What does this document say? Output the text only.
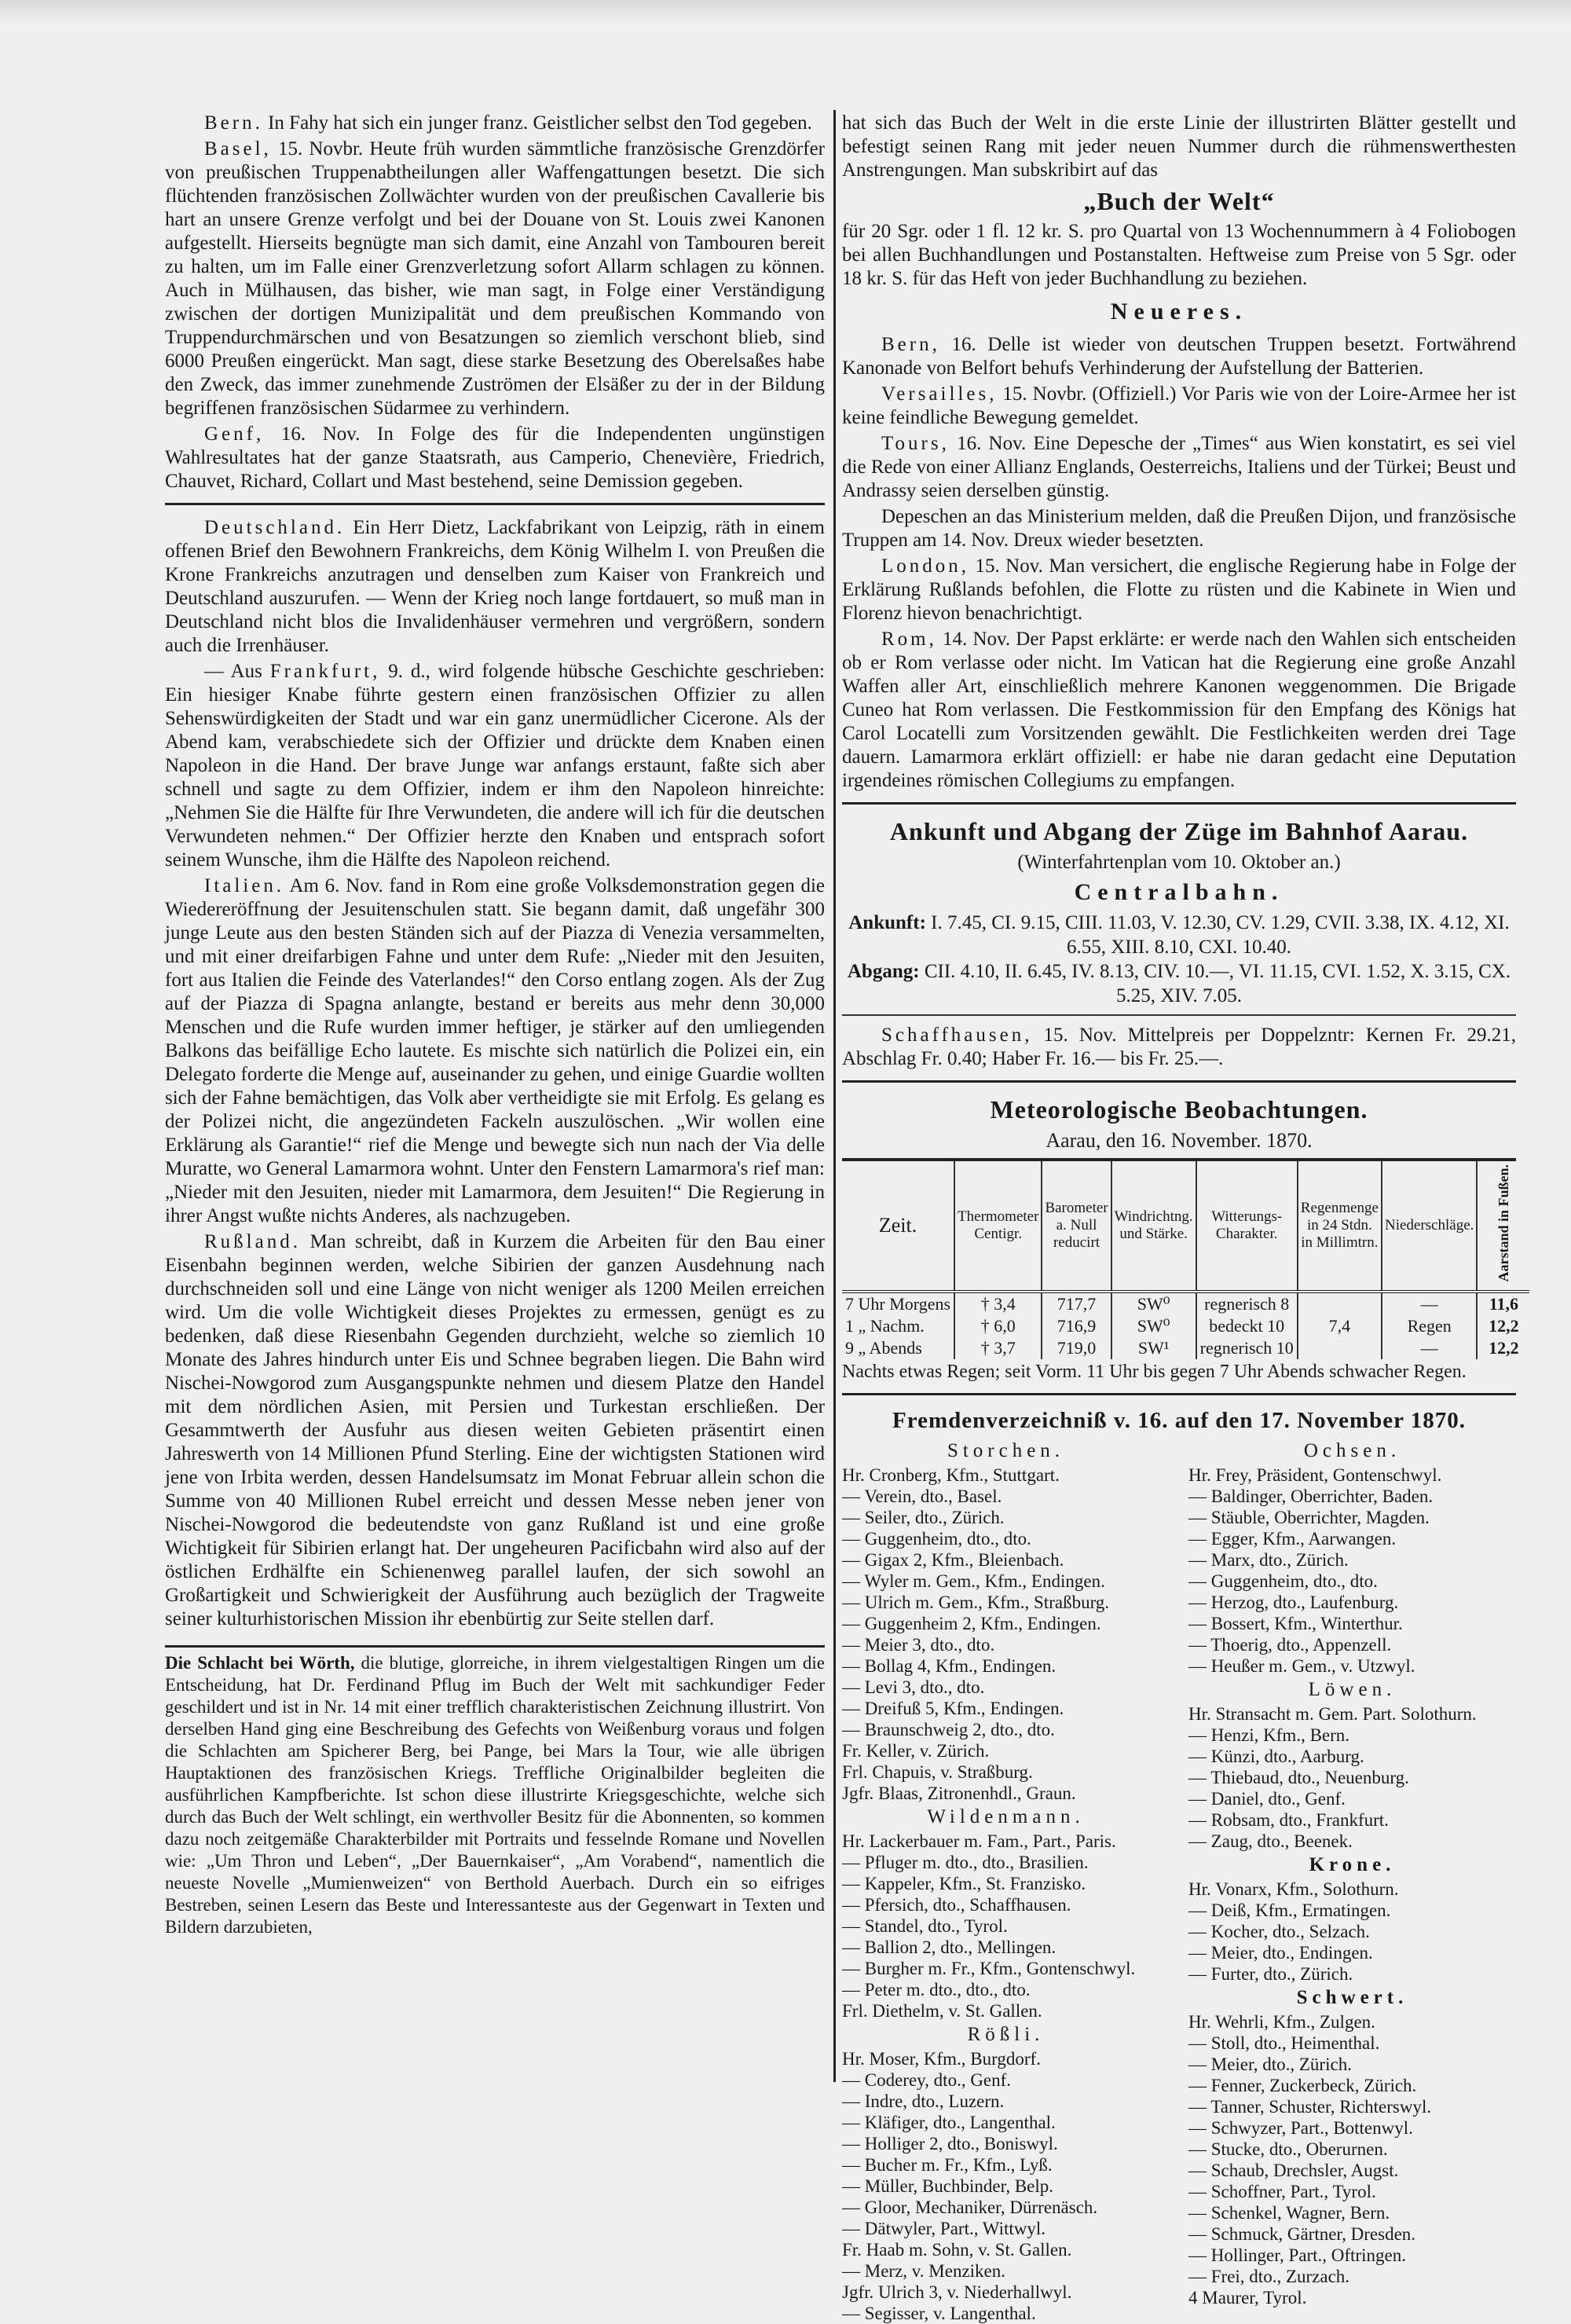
Bern. In Fahy hat sich ein junger franz. Geistlicher selbst den Tod gegeben.

Basel, 15. Novbr. Heute früh wurden sämmtliche französische Grenzdörfer von preußischen Truppenabtheilungen aller Waffengattungen besetzt. Die sich flüchtenden französischen Zollwächter wurden von der preußischen Cavallerie bis hart an unsere Grenze verfolgt und bei der Douane von St. Louis zwei Kanonen aufgestellt. Hierseits begnügte man sich damit, eine Anzahl von Tambouren bereit zu halten, um im Falle einer Grenzverletzung sofort Allarm schlagen zu können. Auch in Mülhausen, das bisher, wie man sagt, in Folge einer Verständigung zwischen der dortigen Munizipalität und dem preußischen Kommando von Truppendurchmärschen und von Besatzungen so ziemlich verschont blieb, sind 6000 Preußen eingerückt. Man sagt, diese starke Besetzung des Oberelsaßes habe den Zweck, das immer zunehmende Zuströmen der Elsäßer zu der in der Bildung begriffenen französischen Südarmee zu verhindern.

Genf, 16. Nov. In Folge des für die Independenten ungünstigen Wahlresultates hat der ganze Staatsrath, aus Camperio, Chenevière, Friedrich, Chauvet, Richard, Collart und Mast bestehend, seine Demission gegeben.

Deutschland. Ein Herr Dietz, Lackfabrikant von Leipzig, räth in einem offenen Brief den Bewohnern Frankreichs, dem König Wilhelm I. von Preußen die Krone Frankreichs anzutragen und denselben zum Kaiser von Frankreich und Deutschland auszurufen. — Wenn der Krieg noch lange fortdauert, so muß man in Deutschland nicht blos die Invalidenhäuser vermehren und vergrößern, sondern auch die Irrenhäuser.

— Aus Frankfurt, 9. d., wird folgende hübsche Geschichte geschrieben: Ein hiesiger Knabe führte gestern einen französischen Offizier zu allen Sehenswürdigkeiten der Stadt und war ein ganz unermüdlicher Cicerone. Als der Abend kam, verabschiedete sich der Offizier und drückte dem Knaben einen Napoleon in die Hand. Der brave Junge war anfangs erstaunt, faßte sich aber schnell und sagte zu dem Offizier, indem er ihm den Napoleon hinreichte: „Nehmen Sie die Hälfte für Ihre Verwundeten, die andere will ich für die deutschen Verwundeten nehmen.“ Der Offizier herzte den Knaben und entsprach sofort seinem Wunsche, ihm die Hälfte des Napoleon reichend.

Italien. Am 6. Nov. fand in Rom eine große Volksdemonstration gegen die Wiedereröffnung der Jesuitenschulen statt. Sie begann damit, daß ungefähr 300 junge Leute aus den besten Ständen sich auf der Piazza di Venezia versammelten, und mit einer dreifarbigen Fahne und unter dem Rufe: „Nieder mit den Jesuiten, fort aus Italien die Feinde des Vaterlandes!“ den Corso entlang zogen. Als der Zug auf der Piazza di Spagna anlangte, bestand er bereits aus mehr denn 30,000 Menschen und die Rufe wurden immer heftiger, je stärker auf den umliegenden Balkons das beifällige Echo lautete. Es mischte sich natürlich die Polizei ein, ein Delegato forderte die Menge auf, auseinander zu gehen, und einige Guardie wollten sich der Fahne bemächtigen, das Volk aber vertheidigte sie mit Erfolg. Es gelang es der Polizei nicht, die angezündeten Fackeln auszulöschen. „Wir wollen eine Erklärung als Garantie!“ rief die Menge und bewegte sich nun nach der Via delle Muratte, wo General Lamarmora wohnt. Unter den Fenstern Lamarmora's rief man: „Nieder mit den Jesuiten, nieder mit Lamarmora, dem Jesuiten!“ Die Regierung in ihrer Angst wußte nichts Anderes, als nachzugeben.

Rußland. Man schreibt, daß in Kurzem die Arbeiten für den Bau einer Eisenbahn beginnen werden, welche Sibirien der ganzen Ausdehnung nach durchschneiden soll und eine Länge von nicht weniger als 1200 Meilen erreichen wird. Um die volle Wichtigkeit dieses Projektes zu ermessen, genügt es zu bedenken, daß diese Riesenbahn Gegenden durchzieht, welche so ziemlich 10 Monate des Jahres hindurch unter Eis und Schnee begraben liegen. Die Bahn wird Nischei-Nowgorod zum Ausgangspunkte nehmen und diesem Platze den Handel mit dem nördlichen Asien, mit Persien und Turkestan erschließen. Der Gesammtwerth der Ausfuhr aus diesen weiten Gebieten präsentirt einen Jahreswerth von 14 Millionen Pfund Sterling. Eine der wichtigsten Stationen wird jene von Irbita werden, dessen Handelsumsatz im Monat Februar allein schon die Summe von 40 Millionen Rubel erreicht und dessen Messe neben jener von Nischei-Nowgorod die bedeutendste von ganz Rußland ist und eine große Wichtigkeit für Sibirien erlangt hat. Der ungeheuren Pacificbahn wird also auf der östlichen Erdhälfte ein Schienenweg parallel laufen, der sich sowohl an Großartigkeit und Schwierigkeit der Ausführung auch bezüglich der Tragweite seiner kulturhistorischen Mission ihr ebenbürtig zur Seite stellen darf.

Die Schlacht bei Wörth, die blutige, glorreiche, in ihrem vielgestaltigen Ringen um die Entscheidung, hat Dr. Ferdinand Pflug im Buch der Welt mit sachkundiger Feder geschildert und ist in Nr. 14 mit einer trefflich charakteristischen Zeichnung illustrirt. Von derselben Hand ging eine Beschreibung des Gefechts von Weißenburg voraus und folgen die Schlachten am Spicherer Berg, bei Pange, bei Mars la Tour, wie alle übrigen Hauptaktionen des französischen Kriegs. Treffliche Originalbilder begleiten die ausführlichen Kampfberichte. Ist schon diese illustrirte Kriegsgeschichte, welche sich durch das Buch der Welt schlingt, ein werthvoller Besitz für die Abonnenten, so kommen dazu noch zeitgemäße Charakterbilder mit Portraits und fesselnde Romane und Novellen wie: „Um Thron und Leben“, „Der Bauernkaiser“, „Am Vorabend“, namentlich die neueste Novelle „Mumienweizen“ von Berthold Auerbach. Durch ein so eifriges Bestreben, seinen Lesern das Beste und Interessanteste aus der Gegenwart in Texten und Bildern darzubieten,

hat sich das Buch der Welt in die erste Linie der illustrirten Blätter gestellt und befestigt seinen Rang mit jeder neuen Nummer durch die rühmenswerthesten Anstrengungen. Man subskribirt auf das

„Buch der Welt“

für 20 Sgr. oder 1 fl. 12 kr. S. pro Quartal von 13 Wochennummern à 4 Foliobogen bei allen Buchhandlungen und Postanstalten. Heftweise zum Preise von 5 Sgr. oder 18 kr. S. für das Heft von jeder Buchhandlung zu beziehen.

Neueres.

Bern, 16. Delle ist wieder von deutschen Truppen besetzt. Fortwährend Kanonade von Belfort behufs Verhinderung der Aufstellung der Batterien.

Versailles, 15. Novbr. (Offiziell.) Vor Paris wie von der Loire-Armee her ist keine feindliche Bewegung gemeldet.

Tours, 16. Nov. Eine Depesche der „Times“ aus Wien konstatirt, es sei viel die Rede von einer Allianz Englands, Oesterreichs, Italiens und der Türkei; Beust und Andrassy seien derselben günstig.

Depeschen an das Ministerium melden, daß die Preußen Dijon, und französische Truppen am 14. Nov. Dreux wieder besetzten.

London, 15. Nov. Man versichert, die englische Regierung habe in Folge der Erklärung Rußlands befohlen, die Flotte zu rüsten und die Kabinete in Wien und Florenz hievon benachrichtigt.

Rom, 14. Nov. Der Papst erklärte: er werde nach den Wahlen sich entscheiden ob er Rom verlasse oder nicht. Im Vatican hat die Regierung eine große Anzahl Waffen aller Art, einschließlich mehrere Kanonen weggenommen. Die Brigade Cuneo hat Rom verlassen. Die Festkommission für den Empfang des Königs hat Carol Locatelli zum Vorsitzenden gewählt. Die Festlichkeiten werden drei Tage dauern. Lamarmora erklärt offiziell: er habe nie daran gedacht eine Deputation irgendeines römischen Collegiums zu empfangen.

Ankunft und Abgang der Züge im Bahnhof Aarau.
(Winterfahrtenplan vom 10. Oktober an.)
Centralbahn.
Ankunft: I. 7.45, CI. 9.15, CIII. 11.03, V. 12.30, CV. 1.29, CVII. 3.38, IX. 4.12, XI. 6.55, XIII. 8.10, CXI. 10.40.
Abgang: CII. 4.10, II. 6.45, IV. 8.13, CIV. 10.—, VI. 11.15, CVI. 1.52, X. 3.15, CX. 5.25, XIV. 7.05.

Schaffhausen, 15. Nov. Mittelpreis per Doppelzntr: Kernen Fr. 29.21, Abschlag Fr. 0.40; Haber Fr. 16.— bis Fr. 25.—.

Meteorologische Beobachtungen.
Aarau, den 16. November. 1870.
Zeit.	Thermometer Centigr.	Barometer a. Null reducirt	Windrichtng. und Stärke.	Witterungs-Charakter.	Regenmenge in 24 Stdn. in Millimtrn.	Niederschläge.	Aarstand in Fußen.
7 Uhr Morgens	† 3,4	717,7	SW⁰	regnerisch 8	7,4	—	11,6
1 „ Nachm.	† 6,0	716,9	SW⁰	bedeckt 10		Regen	12,2
9 „ Abends	† 3,7	719,0	SW¹	regnerisch 10		—	12,2
Nachts etwas Regen; seit Vorm. 11 Uhr bis gegen 7 Uhr Abends schwacher Regen.
Fremdenverzeichniß v. 16. auf den 17. November 1870.
Storchen.
Hr. Cronberg, Kfm., Stuttgart.
— Verein, dto., Basel.
— Seiler, dto., Zürich.
— Guggenheim, dto., dto.
— Gigax 2, Kfm., Bleienbach.
— Wyler m. Gem., Kfm., Endingen.
— Ulrich m. Gem., Kfm., Straßburg.
— Guggenheim 2, Kfm., Endingen.
— Meier 3, dto., dto.
— Bollag 4, Kfm., Endingen.
— Levi 3, dto., dto.
— Dreifuß 5, Kfm., Endingen.
— Braunschweig 2, dto., dto.
Fr. Keller, v. Zürich.
Frl. Chapuis, v. Straßburg.
Jgfr. Blaas, Zitronenhdl., Graun.
Wildenmann.
Hr. Lackerbauer m. Fam., Part., Paris.
— Pfluger m. dto., dto., Brasilien.
— Kappeler, Kfm., St. Franzisko.
— Pfersich, dto., Schaffhausen.
— Standel, dto., Tyrol.
— Ballion 2, dto., Mellingen.
— Burgher m. Fr., Kfm., Gontenschwyl.
— Peter m. dto., dto., dto.
Frl. Diethelm, v. St. Gallen.
Rößli.
Hr. Moser, Kfm., Burgdorf.
— Coderey, dto., Genf.
— Indre, dto., Luzern.
— Kläfiger, dto., Langenthal.
— Holliger 2, dto., Boniswyl.
— Bucher m. Fr., Kfm., Lyß.
— Müller, Buchbinder, Belp.
— Gloor, Mechaniker, Dürrenäsch.
— Dätwyler, Part., Wittwyl.
Fr. Haab m. Sohn, v. St. Gallen.
— Merz, v. Menziken.
Jgfr. Ulrich 3, v. Niederhallwyl.
— Segisser, v. Langenthal.
Ochsen.
Hr. Frey, Präsident, Gontenschwyl.
— Baldinger, Oberrichter, Baden.
— Stäuble, Oberrichter, Magden.
— Egger, Kfm., Aarwangen.
— Marx, dto., Zürich.
— Guggenheim, dto., dto.
— Herzog, dto., Laufenburg.
— Bossert, Kfm., Winterthur.
— Thoerig, dto., Appenzell.
— Heußer m. Gem., v. Utzwyl.
Löwen.
Hr. Stransacht m. Gem. Part. Solothurn.
— Henzi, Kfm., Bern.
— Künzi, dto., Aarburg.
— Thiebaud, dto., Neuenburg.
— Daniel, dto., Genf.
— Robsam, dto., Frankfurt.
— Zaug, dto., Beenek.
Krone.
Hr. Vonarx, Kfm., Solothurn.
— Deiß, Kfm., Ermatingen.
— Kocher, dto., Selzach.
— Meier, dto., Endingen.
— Furter, dto., Zürich.
Schwert.
Hr. Wehrli, Kfm., Zulgen.
— Stoll, dto., Heimenthal.
— Meier, dto., Zürich.
— Fenner, Zuckerbeck, Zürich.
— Tanner, Schuster, Richterswyl.
— Schwyzer, Part., Bottenwyl.
— Stucke, dto., Oberurnen.
— Schaub, Drechsler, Augst.
— Schoffner, Part., Tyrol.
— Schenkel, Wagner, Bern.
— Schmuck, Gärtner, Dresden.
— Hollinger, Part., Oftringen.
— Frei, dto., Zurzach.
4 Maurer, Tyrol.
